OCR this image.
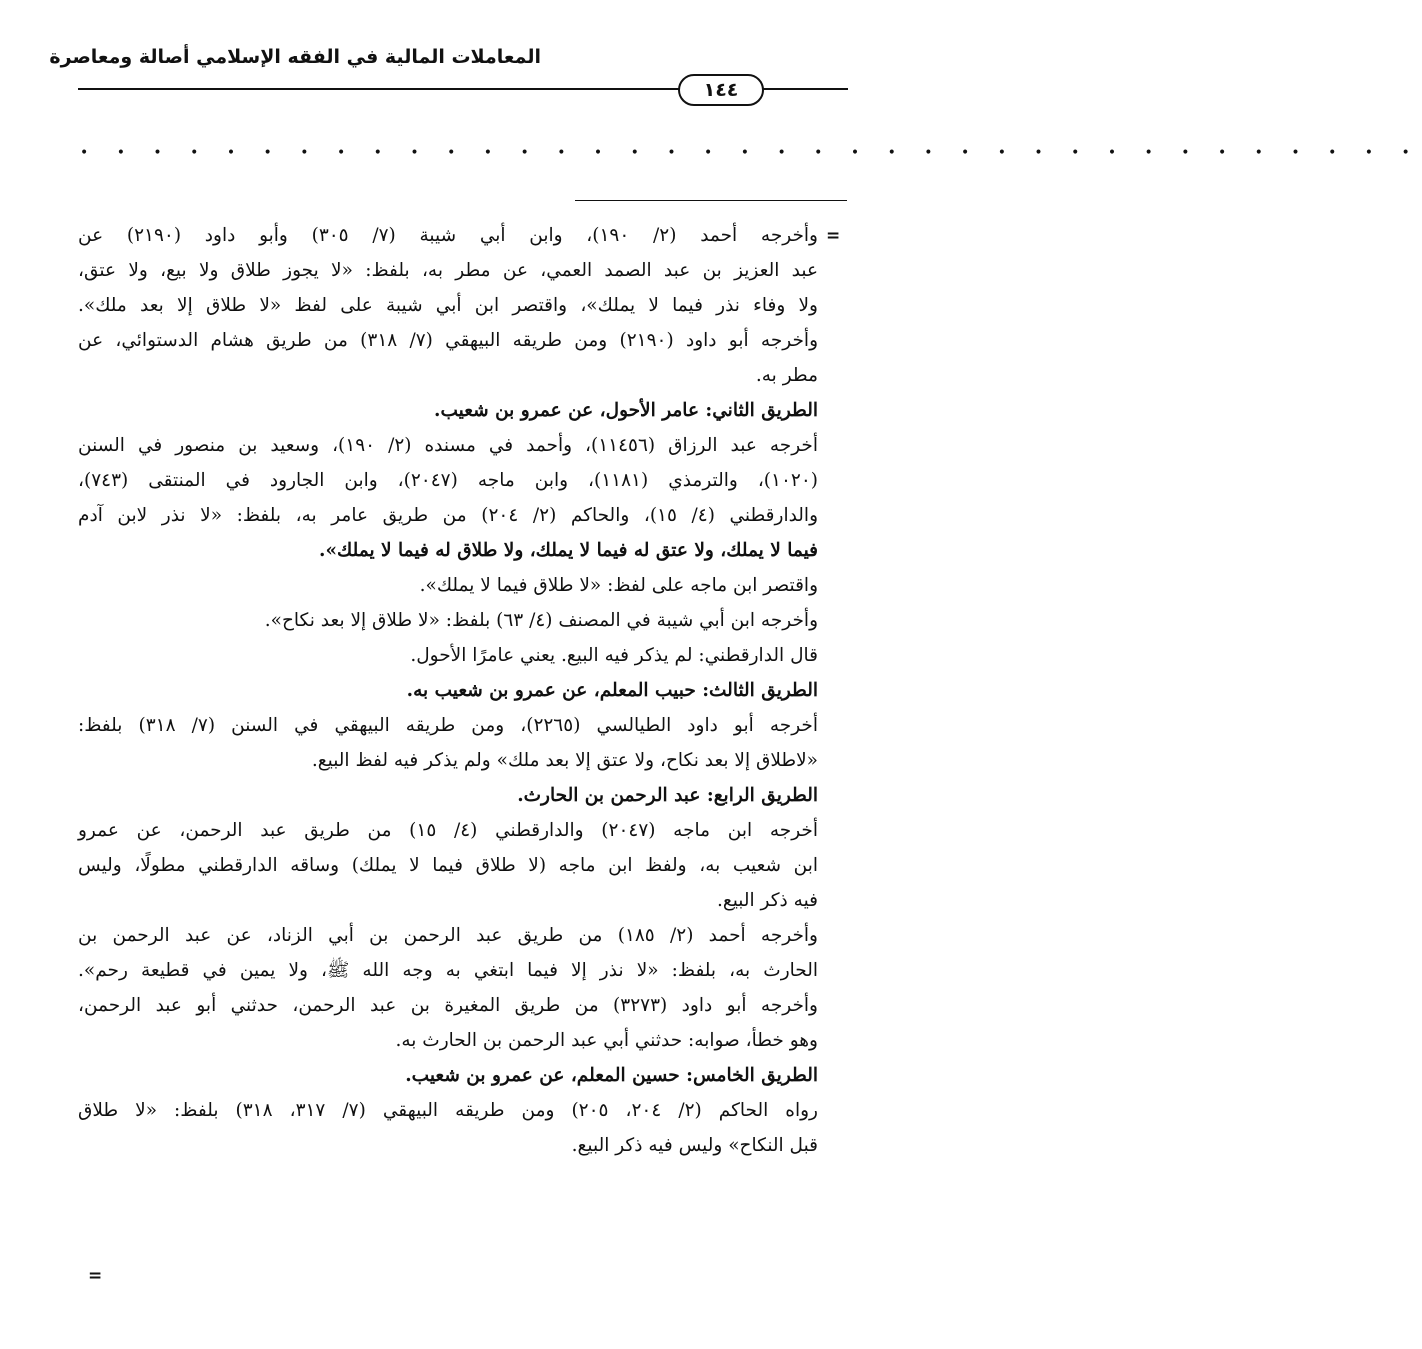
المعاملات المالية في الفقه الإسلامي أصالة ومعاصرة
١٤٤
• • • • • • • • • • • • • • • • • • • • • • • • • • • • • • • • • • • • •
=

وأخرجه أحمد (٢/ ١٩٠)، وابن أبي شيبة (٧/ ٣٠٥) وأبو داود (٢١٩٠) عن

عبد العزيز بن عبد الصمد العمي، عن مطر به، بلفظ: «لا يجوز طلاق ولا بيع، ولا عتق،

ولا وفاء نذر فيما لا يملك»، واقتصر ابن أبي شيبة على لفظ «لا طلاق إلا بعد ملك».

وأخرجه أبو داود (٢١٩٠) ومن طريقه البيهقي (٧/ ٣١٨) من طريق هشام الدستوائي، عن

مطر به.

الطريق الثاني: عامر الأحول، عن عمرو بن شعيب.

أخرجه عبد الرزاق (١١٤٥٦)، وأحمد في مسنده (٢/ ١٩٠)، وسعيد بن منصور في السنن

(١٠٢٠)، والترمذي (١١٨١)، وابن ماجه (٢٠٤٧)، وابن الجارود في المنتقى (٧٤٣)،

والدارقطني (٤/ ١٥)، والحاكم (٢/ ٢٠٤) من طريق عامر به، بلفظ: «لا نذر لابن آدم

فيما لا يملك، ولا عتق له فيما لا يملك، ولا طلاق له فيما لا يملك».

واقتصر ابن ماجه على لفظ: «لا طلاق فيما لا يملك».

وأخرجه ابن أبي شيبة في المصنف (٤/ ٦٣) بلفظ: «لا طلاق إلا بعد نكاح».

قال الدارقطني: لم يذكر فيه البيع. يعني عامرًا الأحول.

الطريق الثالث: حبيب المعلم، عن عمرو بن شعيب به.

أخرجه أبو داود الطيالسي (٢٢٦٥)، ومن طريقه البيهقي في السنن (٧/ ٣١٨) بلفظ:

«لاطلاق إلا بعد نكاح، ولا عتق إلا بعد ملك» ولم يذكر فيه لفظ البيع.

الطريق الرابع: عبد الرحمن بن الحارث.

أخرجه ابن ماجه (٢٠٤٧) والدارقطني (٤/ ١٥) من طريق عبد الرحمن، عن عمرو

ابن شعيب به، ولفظ ابن ماجه (لا طلاق فيما لا يملك) وساقه الدارقطني مطولًا، وليس

فيه ذكر البيع.

وأخرجه أحمد (٢/ ١٨٥) من طريق عبد الرحمن بن أبي الزناد، عن عبد الرحمن بن

الحارث به، بلفظ: «لا نذر إلا فيما ابتغي به وجه الله ﷺ، ولا يمين في قطيعة رحم».

وأخرجه أبو داود (٣٢٧٣) من طريق المغيرة بن عبد الرحمن، حدثني أبو عبد الرحمن،

وهو خطأ، صوابه: حدثني أبي عبد الرحمن بن الحارث به.

الطريق الخامس: حسين المعلم، عن عمرو بن شعيب.

رواه الحاكم (٢/ ٢٠٤، ٢٠٥) ومن طريقه البيهقي (٧/ ٣١٧، ٣١٨) بلفظ: «لا طلاق

قبل النكاح» وليس فيه ذكر البيع.

=
